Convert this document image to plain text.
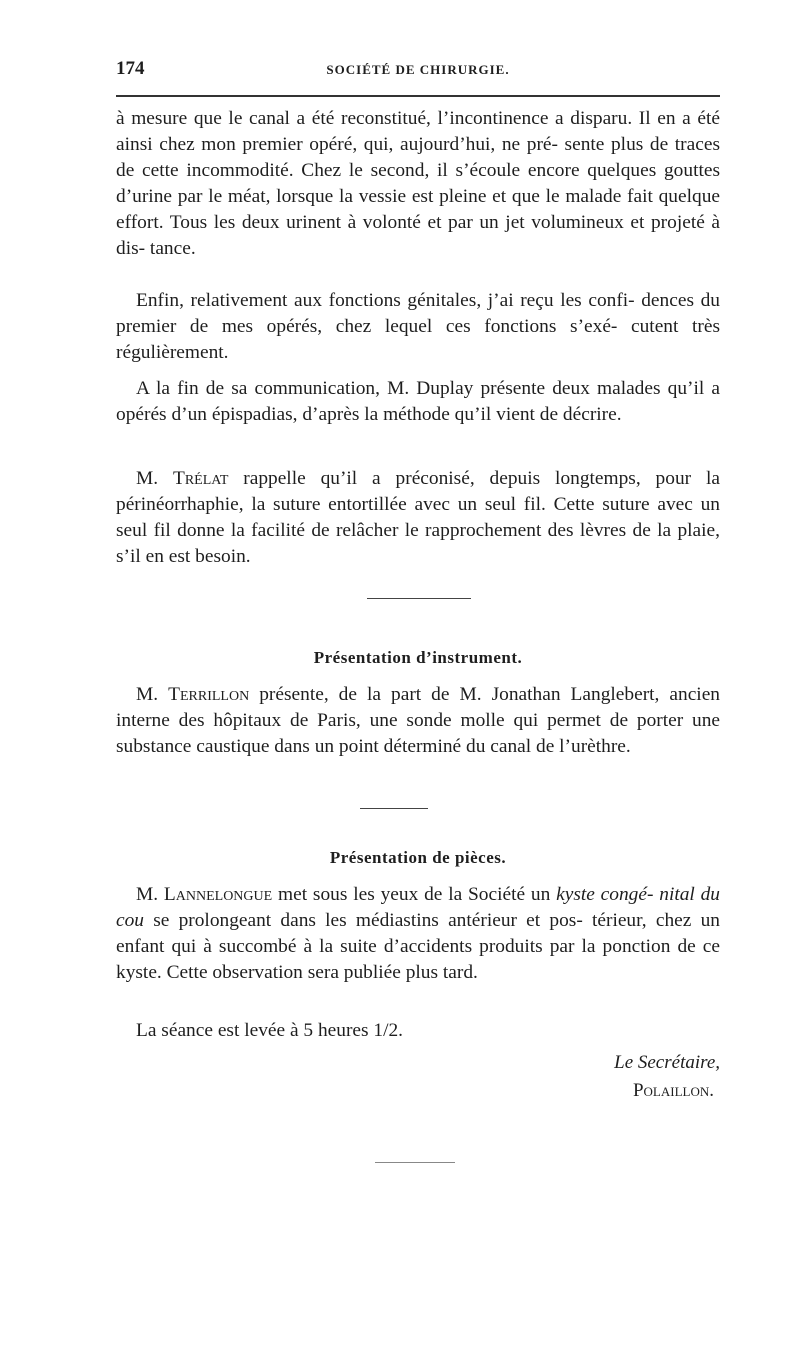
174	SOCIÉTÉ DE CHIRURGIE.

à mesure que le canal a été reconstitué, l’incontinence a disparu. Il en a été ainsi chez mon premier opéré, qui, aujourd’hui, ne pré- sente plus de traces de cette incommodité. Chez le second, il s’écoule encore quelques gouttes d’urine par le méat, lorsque la vessie est pleine et que le malade fait quelque effort. Tous les deux urinent à volonté et par un jet volumineux et projeté à dis- tance.

Enfin, relativement aux fonctions génitales, j’ai reçu les confi- dences du premier de mes opérés, chez lequel ces fonctions s’exé- cutent très régulièrement.

A la fin de sa communication, M. Duplay présente deux malades qu’il a opérés d’un épispadias, d’après la méthode qu’il vient de décrire.

M. Trélat rappelle qu’il a préconisé, depuis longtemps, pour la périnéorrhaphie, la suture entortillée avec un seul fil. Cette suture avec un seul fil donne la facilité de relâcher le rapprochement des lèvres de la plaie, s’il en est besoin.

Présentation d’instrument.

M. Terrillon présente, de la part de M. Jonathan Langlebert, ancien interne des hôpitaux de Paris, une sonde molle qui permet de porter une substance caustique dans un point déterminé du canal de l’urèthre.

Présentation de pièces.

M. Lannelongue met sous les yeux de la Société un kyste congé- nital du cou se prolongeant dans les médiastins antérieur et pos- térieur, chez un enfant qui à succombé à la suite d’accidents produits par la ponction de ce kyste. Cette observation sera publiée plus tard.

La séance est levée à 5 heures 1/2.

Le Secrétaire,
Polaillon.
